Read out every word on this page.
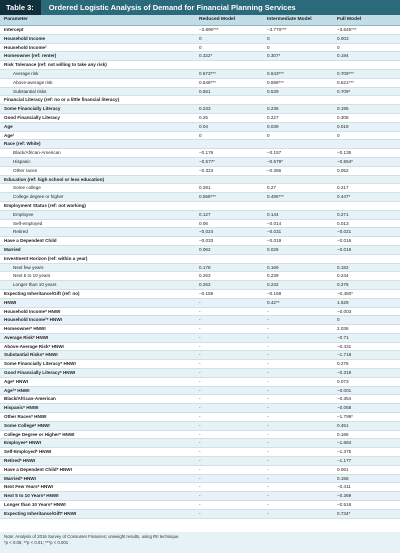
Table 3:	Ordered Logistic Analysis of Demand for Financial Planning Services
Parameter	Reduced Model	Intermediate Model	Full Model
Intercept	−3.890***	−3.770***	−3.645***
Household Income	0	0	0.003
Household Income²	0	0	0
Homeowner (ref: renter)	0.322*	0.307*	0.194
Risk Tolerance (ref: not willing to take any risk)			
Average risk	0.673***	0.643***	0.709***
Above-average risk	0.648***	0.598***	0.621***
Substantial risks	0.561	0.539	0.709*
Financial Literacy (ref: no or a little financial literacy)			
Some Financially Literacy	0.233	0.236	0.195
Good Financially Literacy	0.25	0.227	0.308
Age	0.04	0.039	0.018
Age²	0	0	0
Race (ref: White)			
Black/African-American	−0.176	−0.157	−0.135
Hispanic	−0.577*	−0.579*	−0.554*
Other races	−0.323	−0.356	0.052
Education (ref: high school or less education)			
Some college	0.281	0.27	0.217
College degree or higher	0.558***	0.495***	0.447*
Employment Status (ref: not working)			
Employee	0.127	0.144	0.271
Self-employed	0.06	−0.014	0.013
Retired	−0.024	−0.031	−0.021
Have a Dependent Child	−0.033	−0.019	−0.016
Married	0.062	0.026	−0.019
Investment Horizon (ref: within a year)			
Next few years	0.178	0.169	0.182
Next 5 to 10 years	0.263	0.239	0.244
Longer than 10 years	0.262	0.232	0.276
Expecting Inheritance/Gift (ref: no)	−0.159	−0.168	−0.450*
HNWI	-	0.42**	1.529
Household Income* HNWI	-	-	−0.003
Household Income²* HNWI	-	-	0
Homeowner* HNWI	-	-	2.036
Average Risk* HNWI	-	-	−0.71
Above-Average Risk* HNWI	-	-	−0.431
Substantial Risks* HNWI	-	-	−1.718
Some Financially Literacy* HNWI	-	-	0.276
Good Financially Literacy* HNWI	-	-	−0.319
Age* HNWI	-	-	0.073
Age²* HNWI	-	-	−0.001
Black/African-American	-	-	−0.354
Hispanic* HNWI	-	-	−0.058
Other Races* HNWI	-	-	−1.799*
Some College* HNWI	-	-	0.451
College Degree or Higher* HNWI	-	-	0.186
Employee* HNWI	-	-	−1.684
Self-Employed* HNWI	-	-	−1.375
Retired* HNWI	-	-	−1.177
Have a Dependent Child* HNWI	-	-	0.061
Married* HNWI	-	-	0.158
Next Few Years* HNWI	-	-	−0.411
Next 5 to 10 Years* HNWI	-	-	−0.369
Longer than 10 Years* HNWI	-	-	−0.518
Expecting Inheritance/Gift* HNWI	-	-	0.734*
Note: Analysis of 2016 Survey of Consumer Finances; unweight results, using RII technique.
*p < 0.05; **p < 0.01; ***p < 0.001
